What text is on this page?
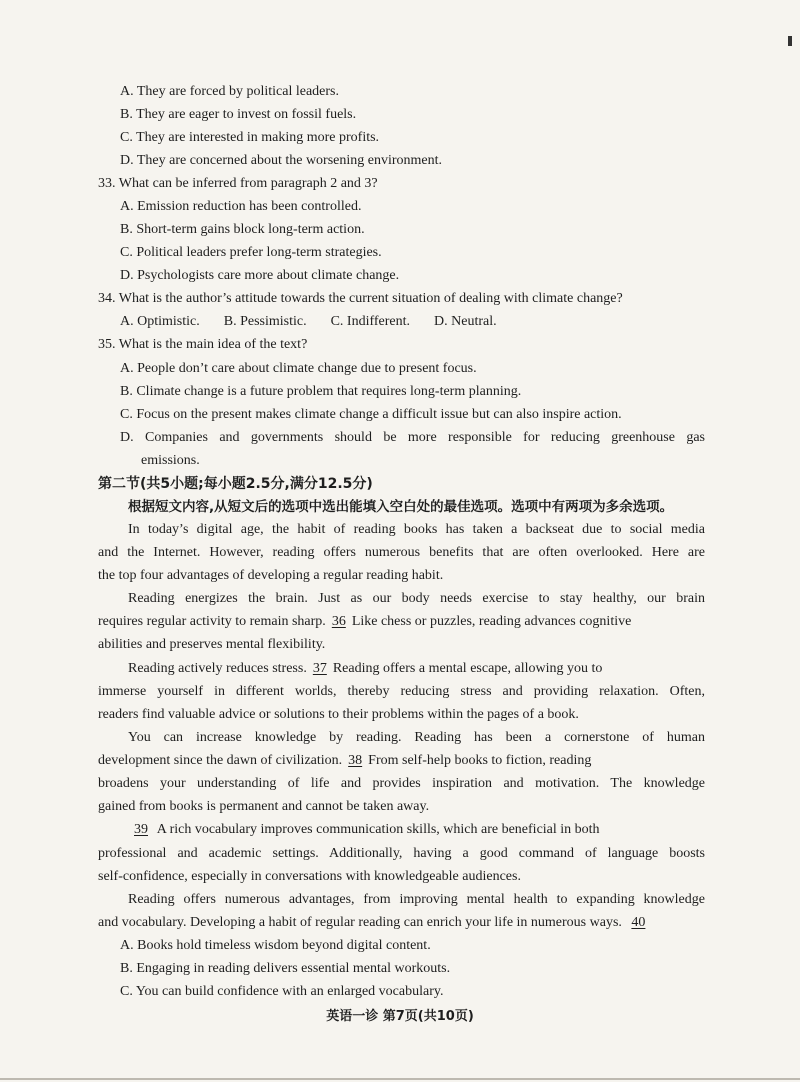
A. They are forced by political leaders.
B. They are eager to invest on fossil fuels.
C. They are interested in making more profits.
D. They are concerned about the worsening environment.
33. What can be inferred from paragraph 2 and 3?
A. Emission reduction has been controlled.
B. Short-term gains block long-term action.
C. Political leaders prefer long-term strategies.
D. Psychologists care more about climate change.
34. What is the author’s attitude towards the current situation of dealing with climate change?
A. Optimistic. B. Pessimistic. C. Indifferent. D. Neutral.
35. What is the main idea of the text?
A. People don’t care about climate change due to present focus.
B. Climate change is a future problem that requires long-term planning.
C. Focus on the present makes climate change a difficult issue but can also inspire action.
D. Companies and governments should be more responsible for reducing greenhouse gas
emissions.
第二节(共5小题;每小题2.5分,满分12.5分)
根据短文内容,从短文后的选项中选出能填入空白处的最佳选项。选项中有两项为多余选项。
In today’s digital age, the habit of reading books has taken a backseat due to social media
and the Internet. However, reading offers numerous benefits that are often overlooked. Here are
the top four advantages of developing a regular reading habit.
Reading energizes the brain. Just as our body needs exercise to stay healthy, our brain
requires regular activity to remain sharp. 36 Like chess or puzzles, reading advances cognitive
abilities and preserves mental flexibility.
Reading actively reduces stress. 37 Reading offers a mental escape, allowing you to
immerse yourself in different worlds, thereby reducing stress and providing relaxation. Often,
readers find valuable advice or solutions to their problems within the pages of a book.
You can increase knowledge by reading. Reading has been a cornerstone of human
development since the dawn of civilization. 38 From self-help books to fiction, reading
broadens your understanding of life and provides inspiration and motivation. The knowledge
gained from books is permanent and cannot be taken away.
39 A rich vocabulary improves communication skills, which are beneficial in both
professional and academic settings. Additionally, having a good command of language boosts
self-confidence, especially in conversations with knowledgeable audiences.
Reading offers numerous advantages, from improving mental health to expanding knowledge
and vocabulary. Developing a habit of regular reading can enrich your life in numerous ways. 40
A. Books hold timeless wisdom beyond digital content.
B. Engaging in reading delivers essential mental workouts.
C. You can build confidence with an enlarged vocabulary.
英语一诊 第7页(共10页)
